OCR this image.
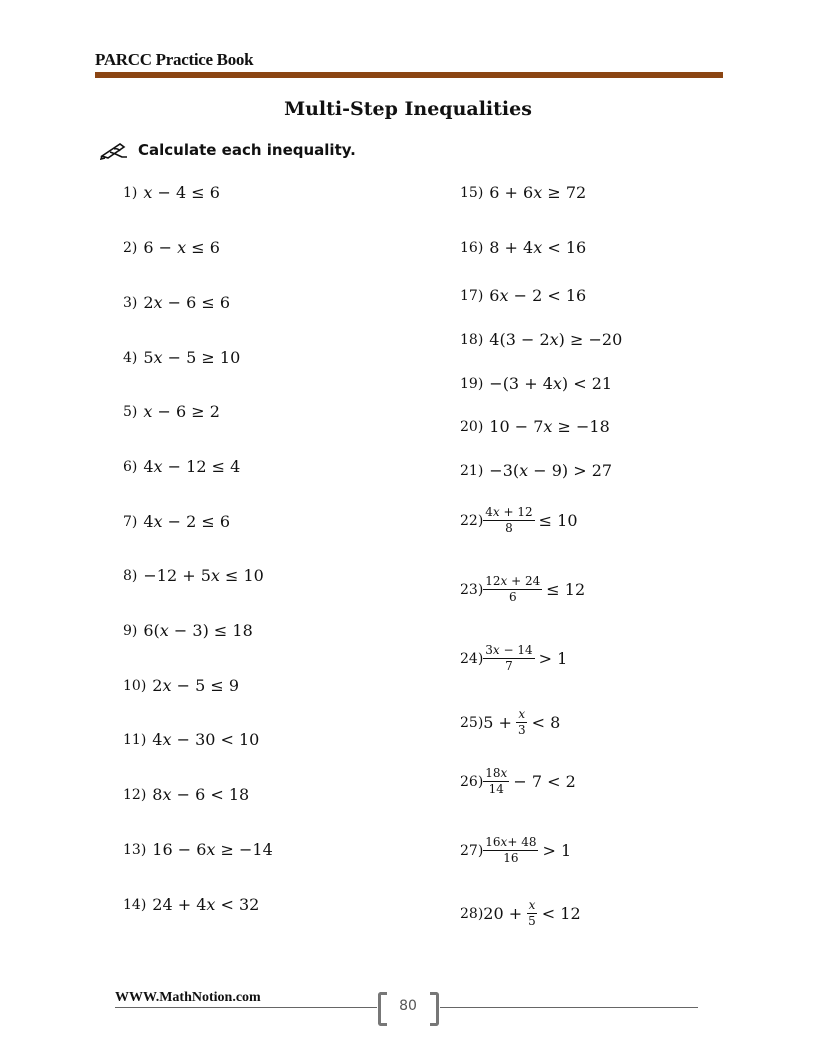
PARCC Practice Book
Multi-Step Inequalities
Calculate each inequality.
1) 𝑥 − 4 ≤ 6
2) 6 − 𝑥 ≤ 6
3) 2𝑥 − 6 ≤ 6
4) 5𝑥 − 5 ≥ 10
5) 𝑥 − 6 ≥ 2
6) 4𝑥 − 12 ≤ 4
7) 4𝑥 − 2 ≤ 6
8) −12 + 5𝑥 ≤ 10
9) 6(𝑥 − 3) ≤ 18
10) 2𝑥 − 5 ≤ 9
11) 4𝑥 − 30 < 10
12) 8𝑥 − 6 < 18
13) 16 − 6𝑥 ≥ −14
14) 24 + 4𝑥 < 32
15) 6 + 6𝑥 ≥ 72
16) 8 + 4𝑥 < 16
17) 6𝑥 − 2 < 16
18) 4(3 − 2𝑥) ≥ −20
19) −(3 + 4𝑥) < 21
20) 10 − 7𝑥 ≥ −18
21) −3(𝑥 − 9) > 27
$22) \frac{\text{4𝑥 + 12}}{8} \le 10$
$23) \frac{\text{12𝑥 + 24}}{6} \le 12$
$24) \frac{\text{3𝑥 − 14}}{7} > 1$
25) $5 + \frac{\text{𝑥}}{3} < 8$
$26) \frac{\text{18𝑥}}{14} - 7 < 2$
$27) \frac{\text{16𝑥+ 48}}{16} > 1$
28) $20 + \frac{\text{𝑥}}{5} < 12$
WWW.MathNotion.com
80
